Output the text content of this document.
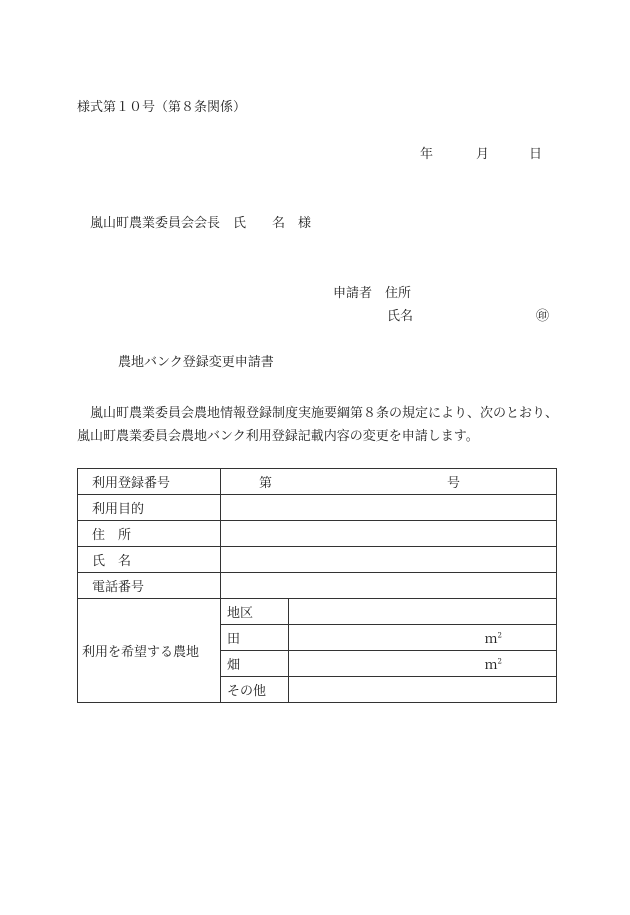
様式第１０号（第８条関係）
年	月	日
嵐山町農業委員会会長　氏　　名　様
申請者　住所
氏名	㊞
農地バンク登録変更申請書
嵐山町農業委員会農地情報登録制度実施要綱第８条の規定により、次のとおり、嵐山町農業委員会農地バンク利用登録記載内容の変更を申請します。
利用登録番号	第 号	
利用目的		
住　所		
氏　名		
電話番号		
利用を希望する農地	地区	
	田	ｍ$^2$
	畑	ｍ$^2$
	その他	
